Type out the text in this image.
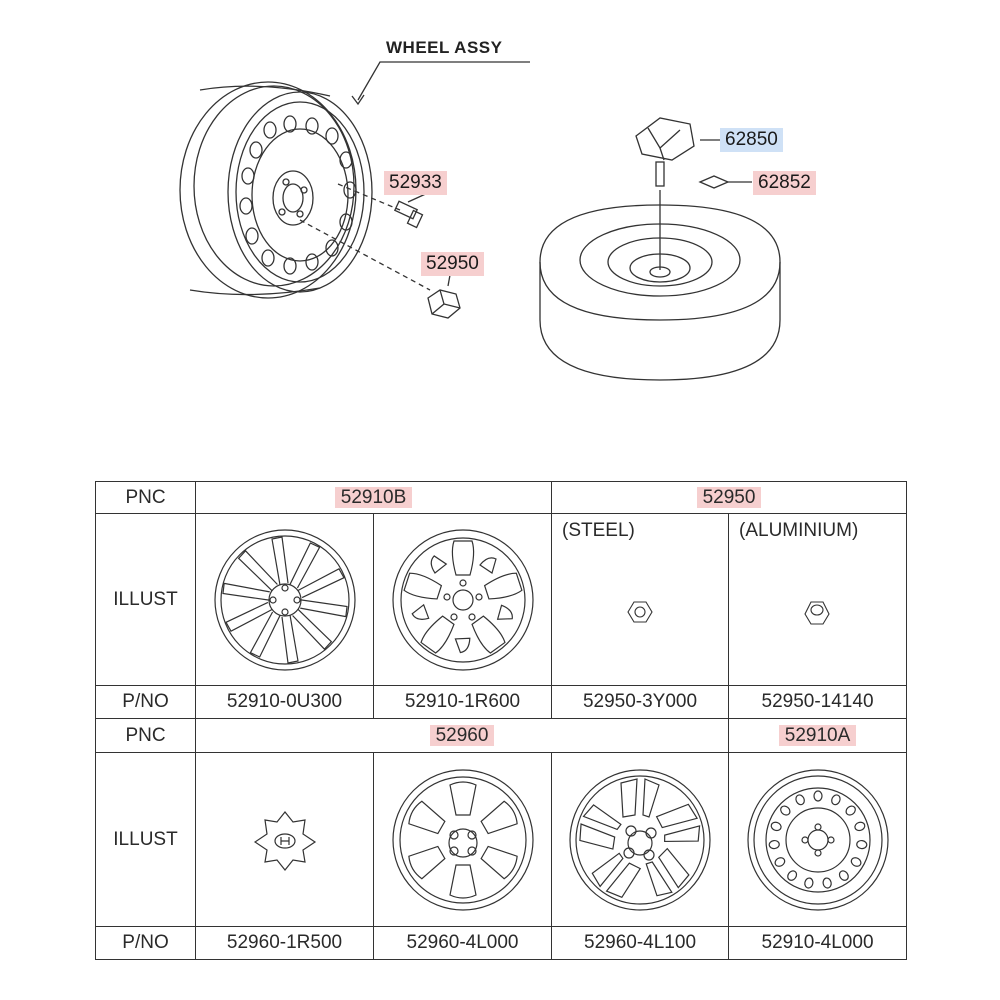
WHEEL ASSY
52933
52950
62850
62852
PNC	52910B		52950	
ILLUST			(STEEL)	(ALUMINIUM)

P/NO	52910-0U300	52910-1R600	52950-3Y000	52950-14140
PNC	52960			52910A
ILLUST	

P/NO	52960-1R500	52960-4L000	52960-4L100	52910-4L000
